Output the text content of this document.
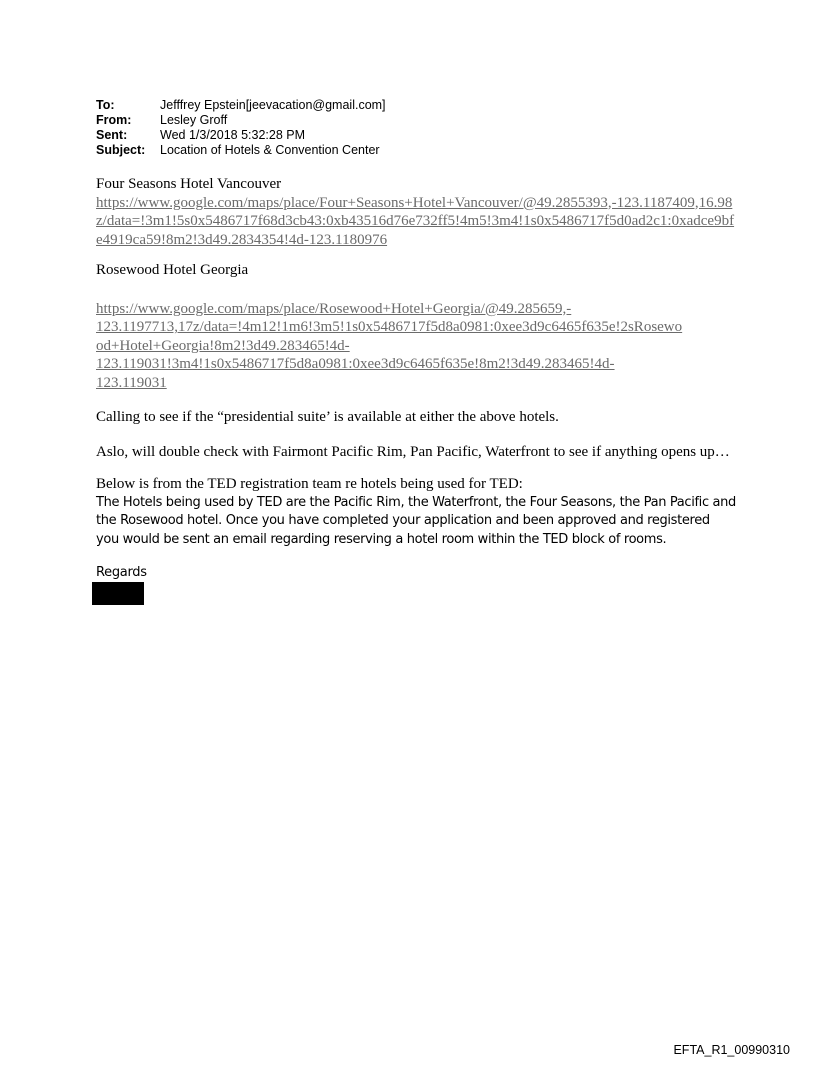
To:	Jefffrey Epstein[jeevacation@gmail.com]
From:	Lesley Groff
Sent:	Wed 1/3/2018 5:32:28 PM
Subject:	Location of Hotels & Convention Center

Four Seasons Hotel Vancouver

https://www.google.com/maps/place/Four+Seasons+Hotel+Vancouver/@49.2855393,-123.1187409,16.98z/data=!3m1!5s0x5486717f68d3cb43:0xb43516d76e732ff5!4m5!3m4!1s0x5486717f5d0ad2c1:0xadce9bfe4919ca59!8m2!3d49.2834354!4d-123.1180976

Rosewood Hotel Georgia

https://www.google.com/maps/place/Rosewood+Hotel+Georgia/@49.285659,-
123.1197713,17z/data=!4m12!1m6!3m5!1s0x5486717f5d8a0981:0xee3d9c6465f635e!2sRosewo
od+Hotel+Georgia!8m2!3d49.283465!4d-
123.119031!3m4!1s0x5486717f5d8a0981:0xee3d9c6465f635e!8m2!3d49.283465!4d-
123.119031

Calling to see if the “presidential suite’ is available at either the above hotels.

Aslo, will double check with Fairmont Pacific Rim, Pan Pacific, Waterfront to see if anything opens up…

Below is from the TED registration team re hotels being used for TED:

The Hotels being used by TED are the Pacific Rim, the Waterfront, the Four Seasons, the Pan Pacific and the Rosewood hotel. Once you have completed your application and been approved and registered you would be sent an email regarding reserving a hotel room within the TED block of rooms.

Regards
EFTA_R1_00990310
